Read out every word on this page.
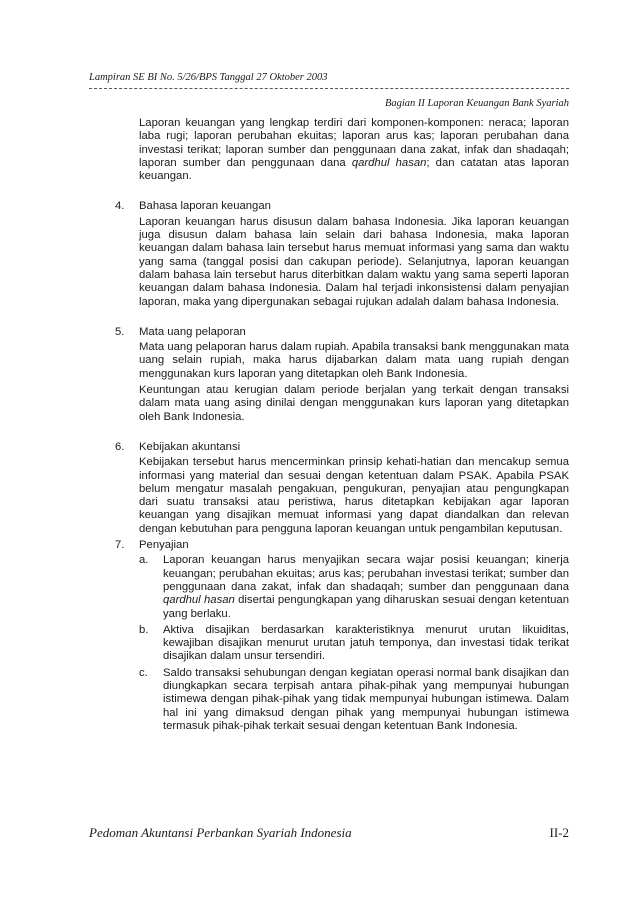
Lampiran SE BI No. 5/26/BPS Tanggal 27 Oktober 2003
Bagian II Laporan Keuangan Bank Syariah

Laporan keuangan yang lengkap terdiri dari komponen-komponen: neraca; laporan laba rugi; laporan perubahan ekuitas; laporan arus kas; laporan perubahan dana investasi terikat; laporan sumber dan penggunaan dana zakat, infak dan shadaqah; laporan sumber dan penggunaan dana qardhul hasan; dan catatan atas laporan keuangan.

4. Bahasa laporan keuangan

Laporan keuangan harus disusun dalam bahasa Indonesia. Jika laporan keuangan juga disusun dalam bahasa lain selain dari bahasa Indonesia, maka laporan keuangan dalam bahasa lain tersebut harus memuat informasi yang sama dan waktu yang sama (tanggal posisi dan cakupan periode). Selanjutnya, laporan keuangan dalam bahasa lain tersebut harus diterbitkan dalam waktu yang sama seperti laporan keuangan dalam bahasa Indonesia. Dalam hal terjadi inkonsistensi dalam penyajian laporan, maka yang dipergunakan sebagai rujukan adalah dalam bahasa Indonesia.

5. Mata uang pelaporan

Mata uang pelaporan harus dalam rupiah. Apabila transaksi bank menggunakan mata uang selain rupiah, maka harus dijabarkan dalam mata uang rupiah dengan menggunakan kurs laporan yang ditetapkan oleh Bank Indonesia.

Keuntungan atau kerugian dalam periode berjalan yang terkait dengan transaksi dalam mata uang asing dinilai dengan menggunakan kurs laporan yang ditetapkan oleh Bank Indonesia.

6. Kebijakan akuntansi

Kebijakan tersebut harus mencerminkan prinsip kehati-hatian dan mencakup semua informasi yang material dan sesuai dengan ketentuan dalam PSAK. Apabila PSAK belum mengatur masalah pengakuan, pengukuran, penyajian atau pengungkapan dari suatu transaksi atau peristiwa, harus ditetapkan kebijakan agar laporan keuangan yang disajikan memuat informasi yang dapat diandalkan dan relevan dengan kebutuhan para pengguna laporan keuangan untuk pengambilan keputusan.

7. Penyajian

a. Laporan keuangan harus menyajikan secara wajar posisi keuangan; kinerja keuangan; perubahan ekuitas; arus kas; perubahan investasi terikat; sumber dan penggunaan dana zakat, infak dan shadaqah; sumber dan penggunaan dana qardhul hasan disertai pengungkapan yang diharuskan sesuai dengan ketentuan yang berlaku.

b. Aktiva disajikan berdasarkan karakteristiknya menurut urutan likuiditas, kewajiban disajikan menurut urutan jatuh temponya, dan investasi tidak terikat disajikan dalam unsur tersendiri.

c. Saldo transaksi sehubungan dengan kegiatan operasi normal bank disajikan dan diungkapkan secara terpisah antara pihak-pihak yang mempunyai hubungan istimewa dengan pihak-pihak yang tidak mempunyai hubungan istimewa. Dalam hal ini yang dimaksud dengan pihak yang mempunyai hubungan istimewa termasuk pihak-pihak terkait sesuai dengan ketentuan Bank Indonesia.

Pedoman Akuntansi Perbankan Syariah Indonesia	II-2
